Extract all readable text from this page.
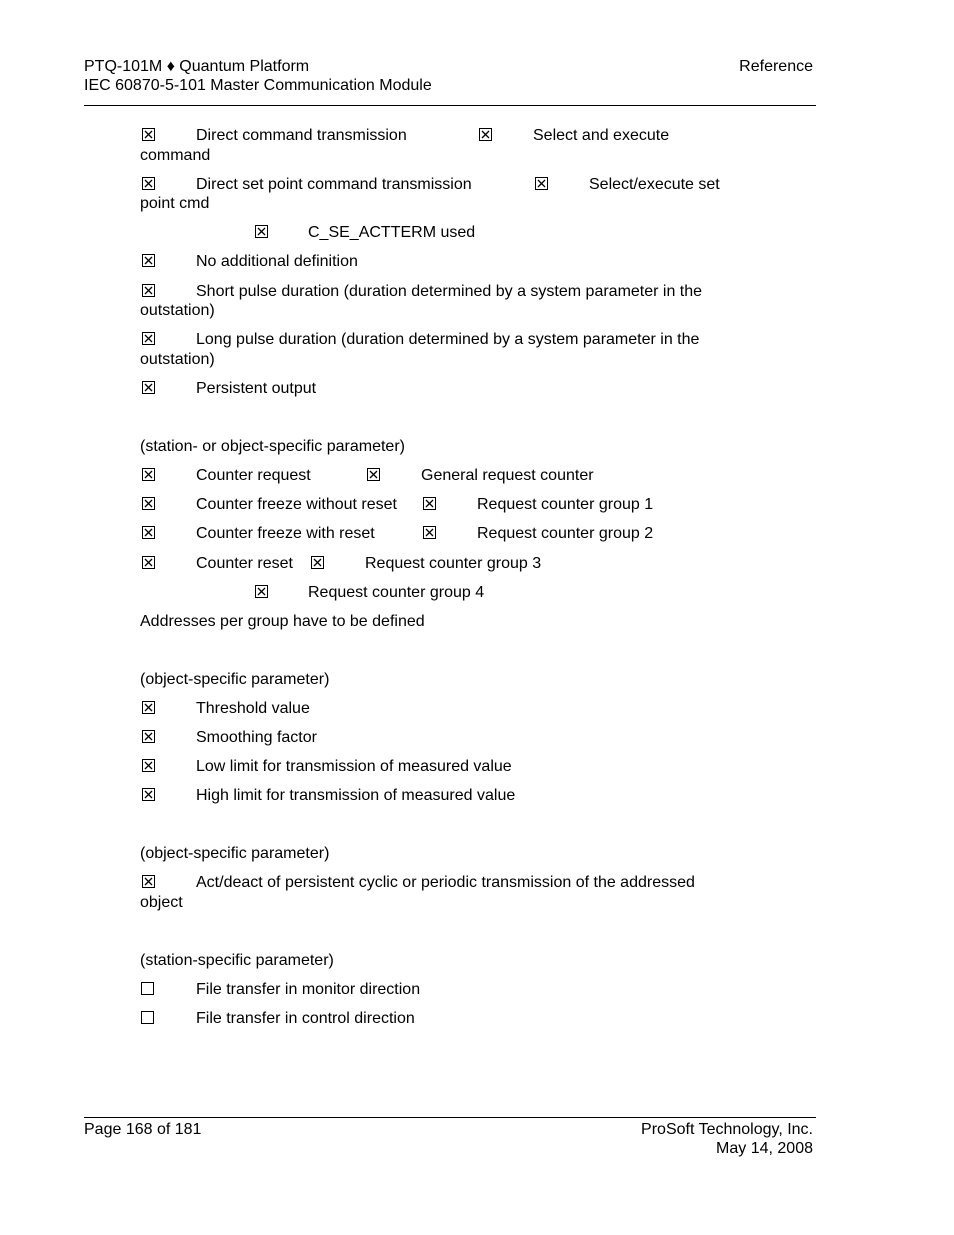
PTQ-101M ♦ Quantum Platform
IEC 60870-5-101 Master Communication Module
Reference
Direct command transmission	Select and execute
command
Direct set point command transmission	Select/execute set
point cmd
C_SE_ACTTERM used
No additional definition
Short pulse duration (duration determined by a system parameter in the
outstation)
Long pulse duration (duration determined by a system parameter in the
outstation)
Persistent output
(station- or object-specific parameter)
Counter request	General request counter
Counter freeze without reset	Request counter group 1
Counter freeze with reset	Request counter group 2
Counter reset	Request counter group 3
Request counter group 4
Addresses per group have to be defined
(object-specific parameter)
Threshold value
Smoothing factor
Low limit for transmission of measured value
High limit for transmission of measured value
(object-specific parameter)
Act/deact of persistent cyclic or periodic transmission of the addressed
object
(station-specific parameter)
File transfer in monitor direction
File transfer in control direction
Page 168 of 181	ProSoft Technology, Inc.
May 14, 2008
